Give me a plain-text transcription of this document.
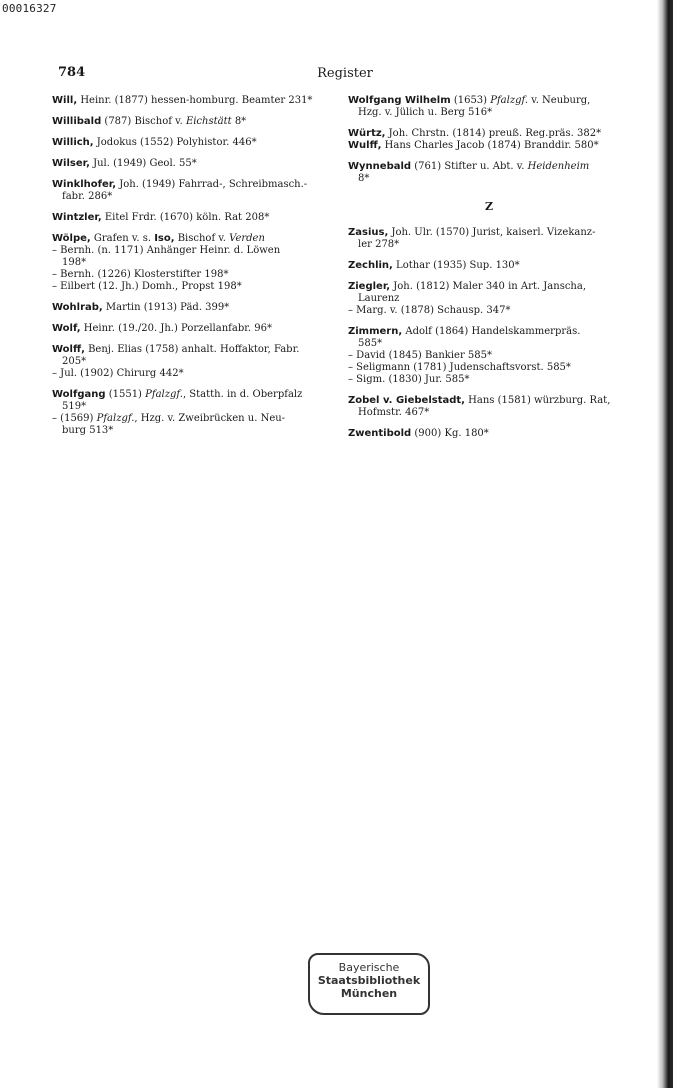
00016327
784	Register
Will, Heinr. (1877) hessen-homburg. Beamter 231*
Willibald (787) Bischof v. Eichstätt 8*
Willich, Jodokus (1552) Polyhistor. 446*
Wilser, Jul. (1949) Geol. 55*
Winklhofer, Joh. (1949) Fahrrad-, Schreibmasch.-
fabr. 286*
Wintzler, Eitel Frdr. (1670) köln. Rat 208*
Wölpe, Grafen v. s. Iso, Bischof v. Verden
– Bernh. (n. 1171) Anhänger Heinr. d. Löwen
198*
– Bernh. (1226) Klosterstifter 198*
– Eilbert (12. Jh.) Domh., Propst 198*
Wohlrab, Martin (1913) Päd. 399*
Wolf, Heinr. (19./20. Jh.) Porzellanfabr. 96*
Wolff, Benj. Elias (1758) anhalt. Hoffaktor, Fabr.
205*
– Jul. (1902) Chirurg 442*
Wolfgang (1551) Pfalzgf., Statth. in d. Oberpfalz
519*
– (1569) Pfalzgf., Hzg. v. Zweibrücken u. Neu-
burg 513*
Wolfgang Wilhelm (1653) Pfalzgf. v. Neuburg,
Hzg. v. Jülich u. Berg 516*
Würtz, Joh. Chrstn. (1814) preuß. Reg.präs. 382*
Wulff, Hans Charles Jacob (1874) Branddir. 580*
Wynnebald (761) Stifter u. Abt. v. Heidenheim
8*
Z
Zasius, Joh. Ulr. (1570) Jurist, kaiserl. Vizekanz-
ler 278*
Zechlin, Lothar (1935) Sup. 130*
Ziegler, Joh. (1812) Maler 340 in Art. Janscha,
Laurenz
– Marg. v. (1878) Schausp. 347*
Zimmern, Adolf (1864) Handelskammerpräs.
585*
– David (1845) Bankier 585*
– Seligmann (1781) Judenschaftsvorst. 585*
– Sigm. (1830) Jur. 585*
Zobel v. Giebelstadt, Hans (1581) würzburg. Rat,
Hofmstr. 467*
Zwentibold (900) Kg. 180*
Bayerische
Staatsbibliothek
München
